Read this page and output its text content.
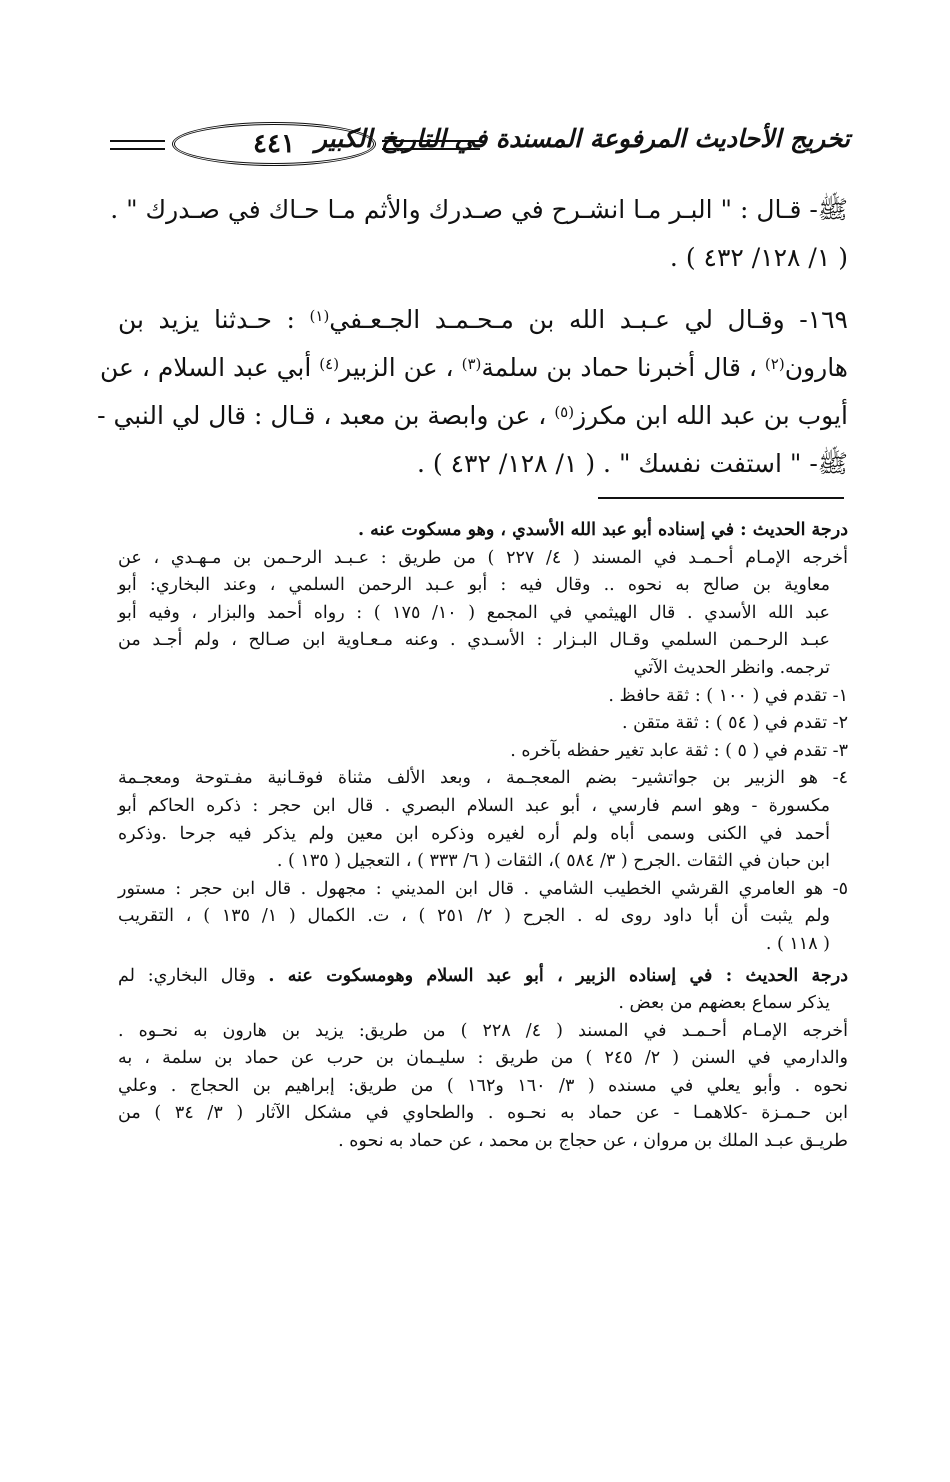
٤٤١ تخريج الأحاديث المرفوعة المسندة في التاريخ الكبير
ﷺ- قـال : " البـر مـا انشـرح في صـدرك والأثم مـا حـاك في صـدرك " .
( ١/ ١٢٨/ ٤٣٢ ) .
١٦٩- وقـال لي عـبـد الله بن مـحـمـد الجـعـفي$^{(١)}$ : حـدثنا يزيد بن
هارون$^{(٢)}$ ، قال أخبرنا حماد بن سلمة$^{(٣)}$ ، عن الزبير$^{(٤)}$ أبي عبد السلام ، عن
أيوب بن عبد الله ابن مكرز$^{(٥)}$ ، عن وابصة بن معبد ، قـال : قال لي النبي -
ﷺ- " استفت نفسك " . ( ١/ ١٢٨/ ٤٣٢ ) .
درجة الحديث : في إسناده أبو عبد الله الأسدي ، وهو مسكوت عنه .
أخرجه الإمـام أحـمـد في المسند ( ٤/ ٢٢٧ ) من طريق : عـبـد الرحـمن بن مـهـدي ، عن
معاوية بن صالح به نحوه .. وقال فيه : أبو عـبد الرحمن السلمي ، وعند البخاري: أبو
عبد الله الأسدي . قال الهيثمي في المجمع ( ١٠/ ١٧٥ ) : رواه أحمد والبزار ، وفيه أبو
عبـد الرحـمن السلمي وقـال البـزار : الأسـدي . وعنه مـعـاوية ابن صـالح ، ولم أجـد من
ترجمه. وانظر الحديث الآتي
١- تقدم في ( ١٠٠ ) : ثقة حافظ .
٢- تقدم في ( ٥٤ ) : ثقة متقن .
٣- تقدم في ( ٥ ) : ثقة عابد تغير حفظه بآخره .
٤- هو الزبير بن جواتشير- بضم المعجـمة ، وبعد الألف مثناة فوقـانية مفـتوحة ومعجـمة
مكسورة - وهو اسم فارسي ، أبو عبد السلام البصري . قال ابن حجر : ذكره الحاكم أبو
أحمد في الكنى وسمى أباه ولم أره لغيره وذكره ابن معين ولم يذكر فيه جرحا .وذكره
ابن حبان في الثقات .الجرح ( ٣/ ٥٨٤ )، الثقات ( ٦/ ٣٣٣ ) ، التعجيل ( ١٣٥ ) .
٥- هو العامري القرشي الخطيب الشامي . قال ابن المديني : مجهول . قال ابن حجر : مستور
ولم يثبت أن أبا داود روى له . الجرح ( ٢/ ٢٥١ ) ، ت. الكمال ( ١/ ١٣٥ ) ، التقريب
( ١١٨ ) .
درجة الحديث : في إسناده الزبير ، أبو عبد السلام وهومسكوت عنه . وقال البخاري: لم
يذكر سماع بعضهم من بعض .
أخرجه الإمـام أحـمـد في المسند ( ٤/ ٢٢٨ ) من طريق: يزيد بن هارون به نحـوه .
والدارمي في السنن ( ٢/ ٢٤٥ ) من طريق : سليـمان بن حرب عن حماد بن سلمة ، به
نحوه . وأبو يعلي في مسنده ( ٣/ ١٦٠ و١٦٢ ) من طريق: إبراهيم بن الحجاج . وعلي
ابن حـمـزة -كلاهمـا - عن حماد به نحـوه . والطحاوي في مشكل الآثار ( ٣/ ٣٤ ) من
طريـق عبـد الملك بن مروان ، عن حجاج بن محمد ، عن حماد به نحوه .
